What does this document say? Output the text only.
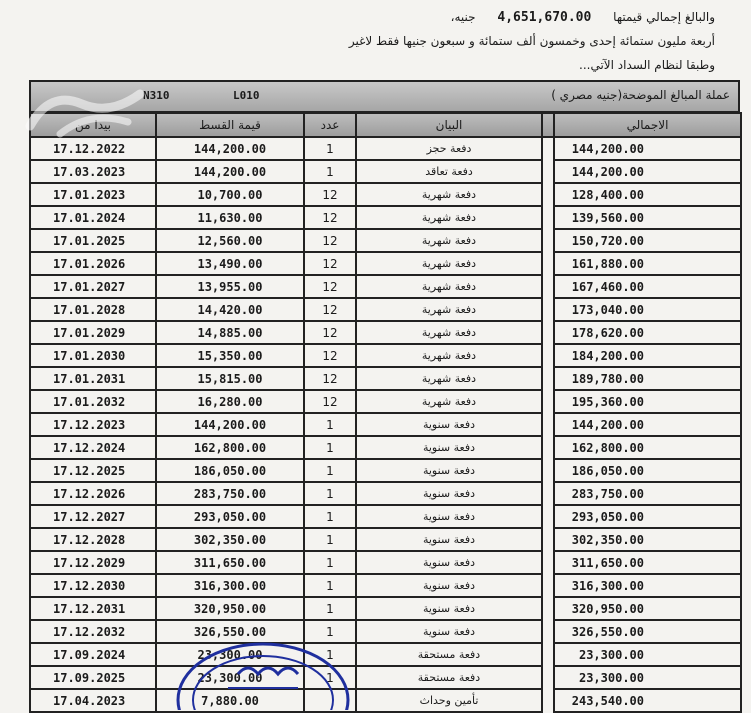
والبالغ إجمالي قيمتها 4,651,670.00 جنيه،
أربعة مليون ستمائة إحدى وخمسون ألف ستمائة و سبعون جنيها فقط لاغير
وطبقا لنظام السداد الآتي...
عملة المبالغ الموضحة(جنيه مصري )
N310	L010
بيدا من	قيمة القسط	عدد	البيان		الاجمالي
17.12.2022	144,200.00	1	دفعة حجز		144,200.00
17.03.2023	144,200.00	1	دفعة تعاقد		144,200.00
17.01.2023	10,700.00	12	دفعة شهرية		128,400.00
17.01.2024	11,630.00	12	دفعة شهرية		139,560.00
17.01.2025	12,560.00	12	دفعة شهرية		150,720.00
17.01.2026	13,490.00	12	دفعة شهرية		161,880.00
17.01.2027	13,955.00	12	دفعة شهرية		167,460.00
17.01.2028	14,420.00	12	دفعة شهرية		173,040.00
17.01.2029	14,885.00	12	دفعة شهرية		178,620.00
17.01.2030	15,350.00	12	دفعة شهرية		184,200.00
17.01.2031	15,815.00	12	دفعة شهرية		189,780.00
17.01.2032	16,280.00	12	دفعة شهرية		195,360.00
17.12.2023	144,200.00	1	دفعة سنوية		144,200.00
17.12.2024	162,800.00	1	دفعة سنوية		162,800.00
17.12.2025	186,050.00	1	دفعة سنوية		186,050.00
17.12.2026	283,750.00	1	دفعة سنوية		283,750.00
17.12.2027	293,050.00	1	دفعة سنوية		293,050.00
17.12.2028	302,350.00	1	دفعة سنوية		302,350.00
17.12.2029	311,650.00	1	دفعة سنوية		311,650.00
17.12.2030	316,300.00	1	دفعة سنوية		316,300.00
17.12.2031	320,950.00	1	دفعة سنوية		320,950.00
17.12.2032	326,550.00	1	دفعة سنوية		326,550.00
17.09.2024	23,300.00	1	دفعة مستحقة		23,300.00
17.09.2025	23,300.00	1	دفعة مستحقة		23,300.00
17.04.2023	7,880.00		تأمين وحداث		243,540.00
